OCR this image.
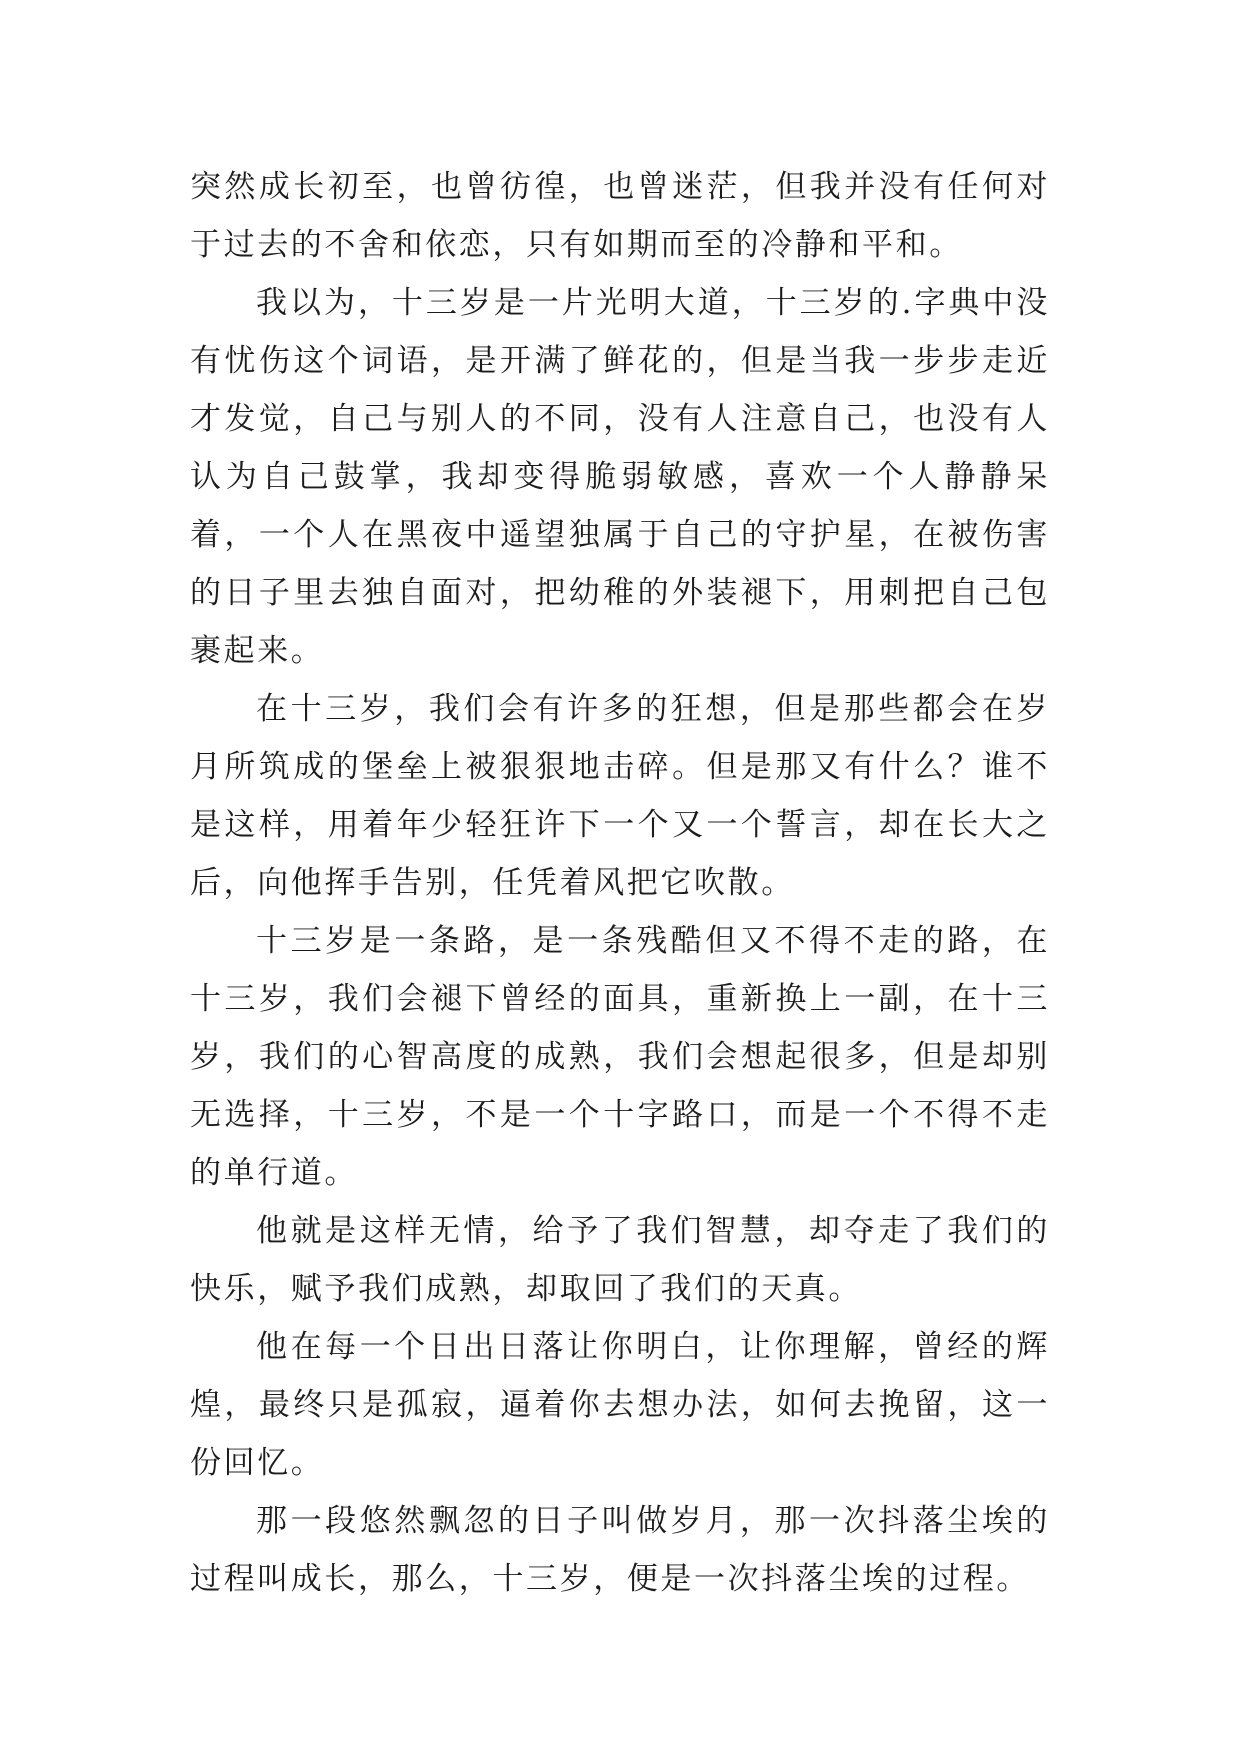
突然成长初至，也曾彷徨，也曾迷茫，但我并没有任何对于过去的不舍和依恋，只有如期而至的冷静和平和。

我以为，十三岁是一片光明大道，十三岁的.字典中没有忧伤这个词语，是开满了鲜花的，但是当我一步步走近才发觉，自己与别人的不同，没有人注意自己，也没有人认为自己鼓掌，我却变得脆弱敏感，喜欢一个人静静呆着，一个人在黑夜中遥望独属于自己的守护星，在被伤害的日子里去独自面对，把幼稚的外装褪下，用刺把自己包裹起来。

在十三岁，我们会有许多的狂想，但是那些都会在岁月所筑成的堡垒上被狠狠地击碎。但是那又有什么？谁不是这样，用着年少轻狂许下一个又一个誓言，却在长大之后，向他挥手告别，任凭着风把它吹散。

十三岁是一条路，是一条残酷但又不得不走的路，在十三岁，我们会褪下曾经的面具，重新换上一副，在十三岁，我们的心智高度的成熟，我们会想起很多，但是却别无选择，十三岁，不是一个十字路口，而是一个不得不走的单行道。

他就是这样无情，给予了我们智慧，却夺走了我们的快乐，赋予我们成熟，却取回了我们的天真。

他在每一个日出日落让你明白，让你理解，曾经的辉煌，最终只是孤寂，逼着你去想办法，如何去挽留，这一份回忆。

那一段悠然飘忽的日子叫做岁月，那一次抖落尘埃的过程叫成长，那么，十三岁，便是一次抖落尘埃的过程。
